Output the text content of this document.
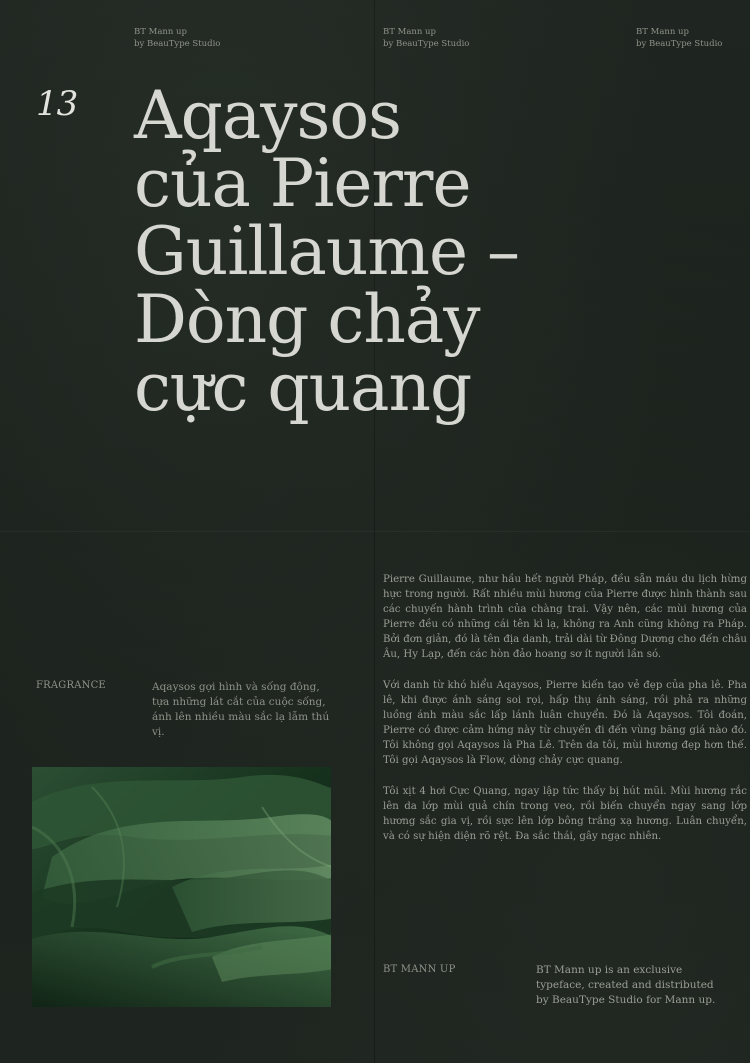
BT Mann up
by BeauType Studio
BT Mann up
by BeauType Studio
BT Mann up
by BeauType Studio
13 Aqaysos
của Pierre
Guillaume –
Dòng chảy
cực quang
FRAGRANCE	Aqaysos gợi hình và sống động, tựa những lát cắt của cuộc sống, ánh lên nhiều màu sắc lạ lẫm thú vị.

Pierre Guillaume, như hầu hết người Pháp, đều sẵn máu du lịch hừng hực trong người. Rất nhiều mùi hương của Pierre được hình thành sau các chuyến hành trình của chàng trai. Vậy nên, các mùi hương của Pierre đều có những cái tên kì lạ, không ra Anh cũng không ra Pháp. Bởi đơn giản, đó là tên địa danh, trải dài từ Đông Dương cho đến châu Âu, Hy Lạp, đến các hòn đảo hoang sơ ít người lần só.

Với danh từ khó hiểu Aqaysos, Pierre kiến tạo vẻ đẹp của pha lê. Pha lê, khi được ánh sáng soi rọi, hấp thụ ánh sáng, rồi phả ra những luồng ánh màu sắc lấp lánh luân chuyển. Đó là Aqaysos. Tôi đoán, Pierre có được cảm hứng này từ chuyến đi đến vùng băng giá nào đó. Tôi không gọi Aqaysos là Pha Lê. Trên da tôi, mùi hương đẹp hơn thế. Tôi gọi Aqaysos là Flow, dòng chảy cực quang.

Tôi xịt 4 hơi Cực Quang, ngay lập tức thấy bị hút mũi. Mùi hương rắc lên da lớp mùi quả chín trong veo, rồi biến chuyển ngay sang lớp hương sắc gia vị, rồi sực lên lớp bông trắng xạ hương. Luân chuyển, và có sự hiện diện rõ rệt. Đa sắc thái, gây ngạc nhiên.

BT MANN UP	BT Mann up is an exclusive typeface, created and distributed by BeauType Studio for Mann up.
